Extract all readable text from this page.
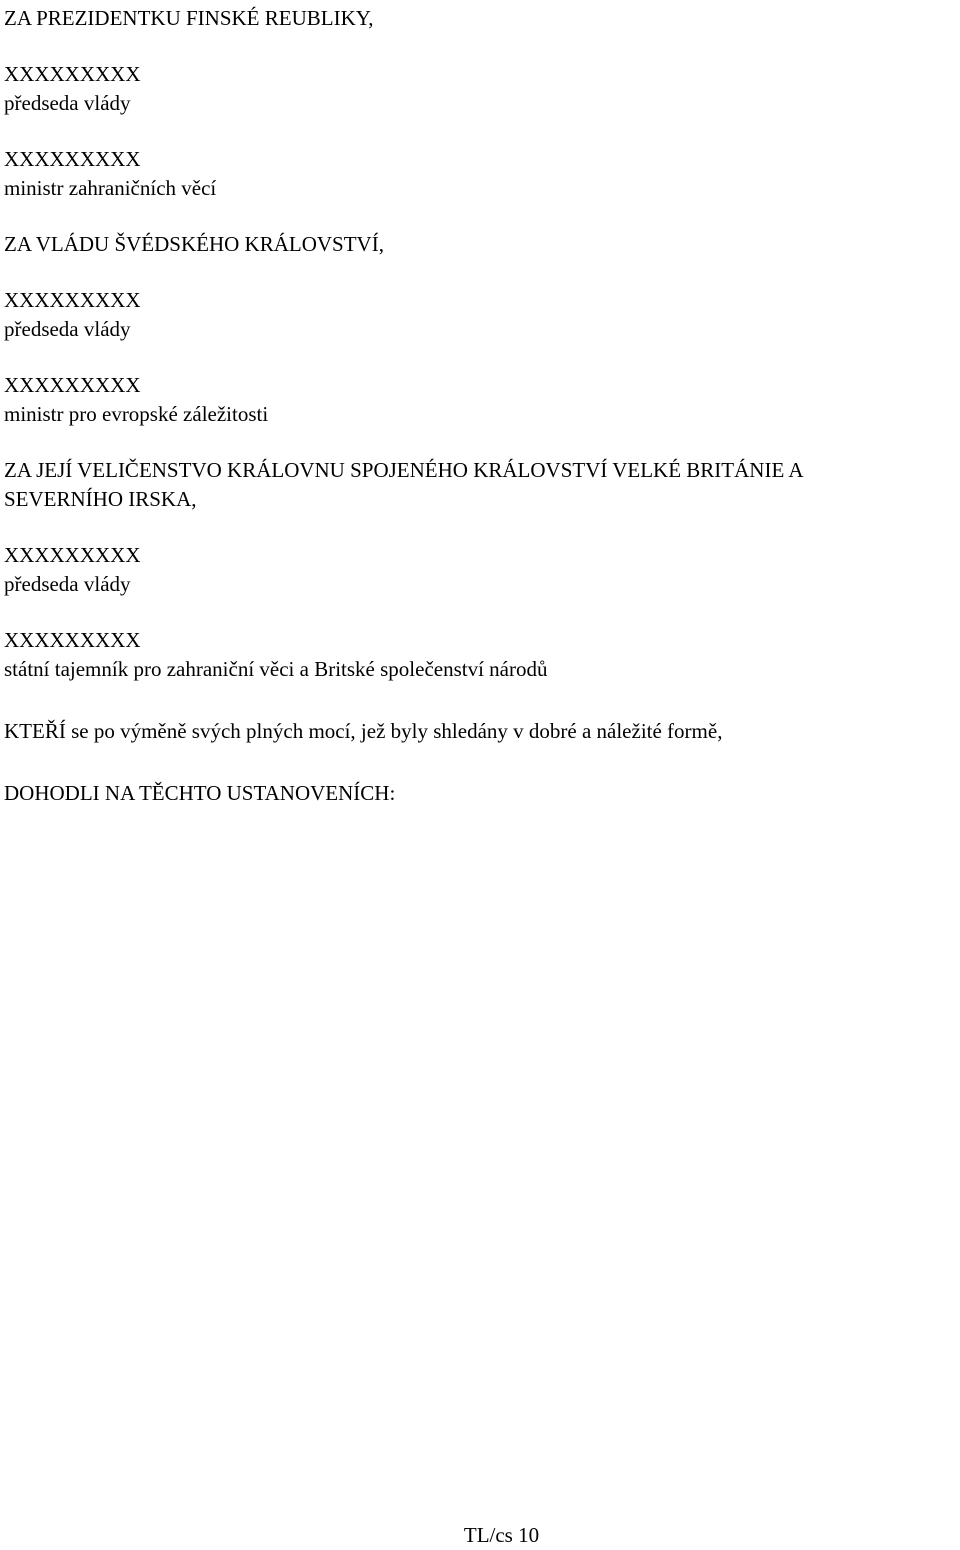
ZA PREZIDENTKU FINSKÉ REUBLIKY,

XXXXXXXXX

předseda vlády

XXXXXXXXX

ministr zahraničních věcí

ZA VLÁDU ŠVÉDSKÉHO KRÁLOVSTVÍ,

XXXXXXXXX

předseda vlády

XXXXXXXXX

ministr pro evropské záležitosti

ZA JEJÍ VELIČENSTVO KRÁLOVNU SPOJENÉHO KRÁLOVSTVÍ VELKÉ BRITÁNIE A

SEVERNÍHO IRSKA,

XXXXXXXXX

předseda vlády

XXXXXXXXX

státní tajemník pro zahraniční věci a Britské společenství národů

KTEŘÍ se po výměně svých plných mocí, jež byly shledány v dobré a náležité formě,

DOHODLI NA TĚCHTO USTANOVENÍCH:

TL/cs 10
